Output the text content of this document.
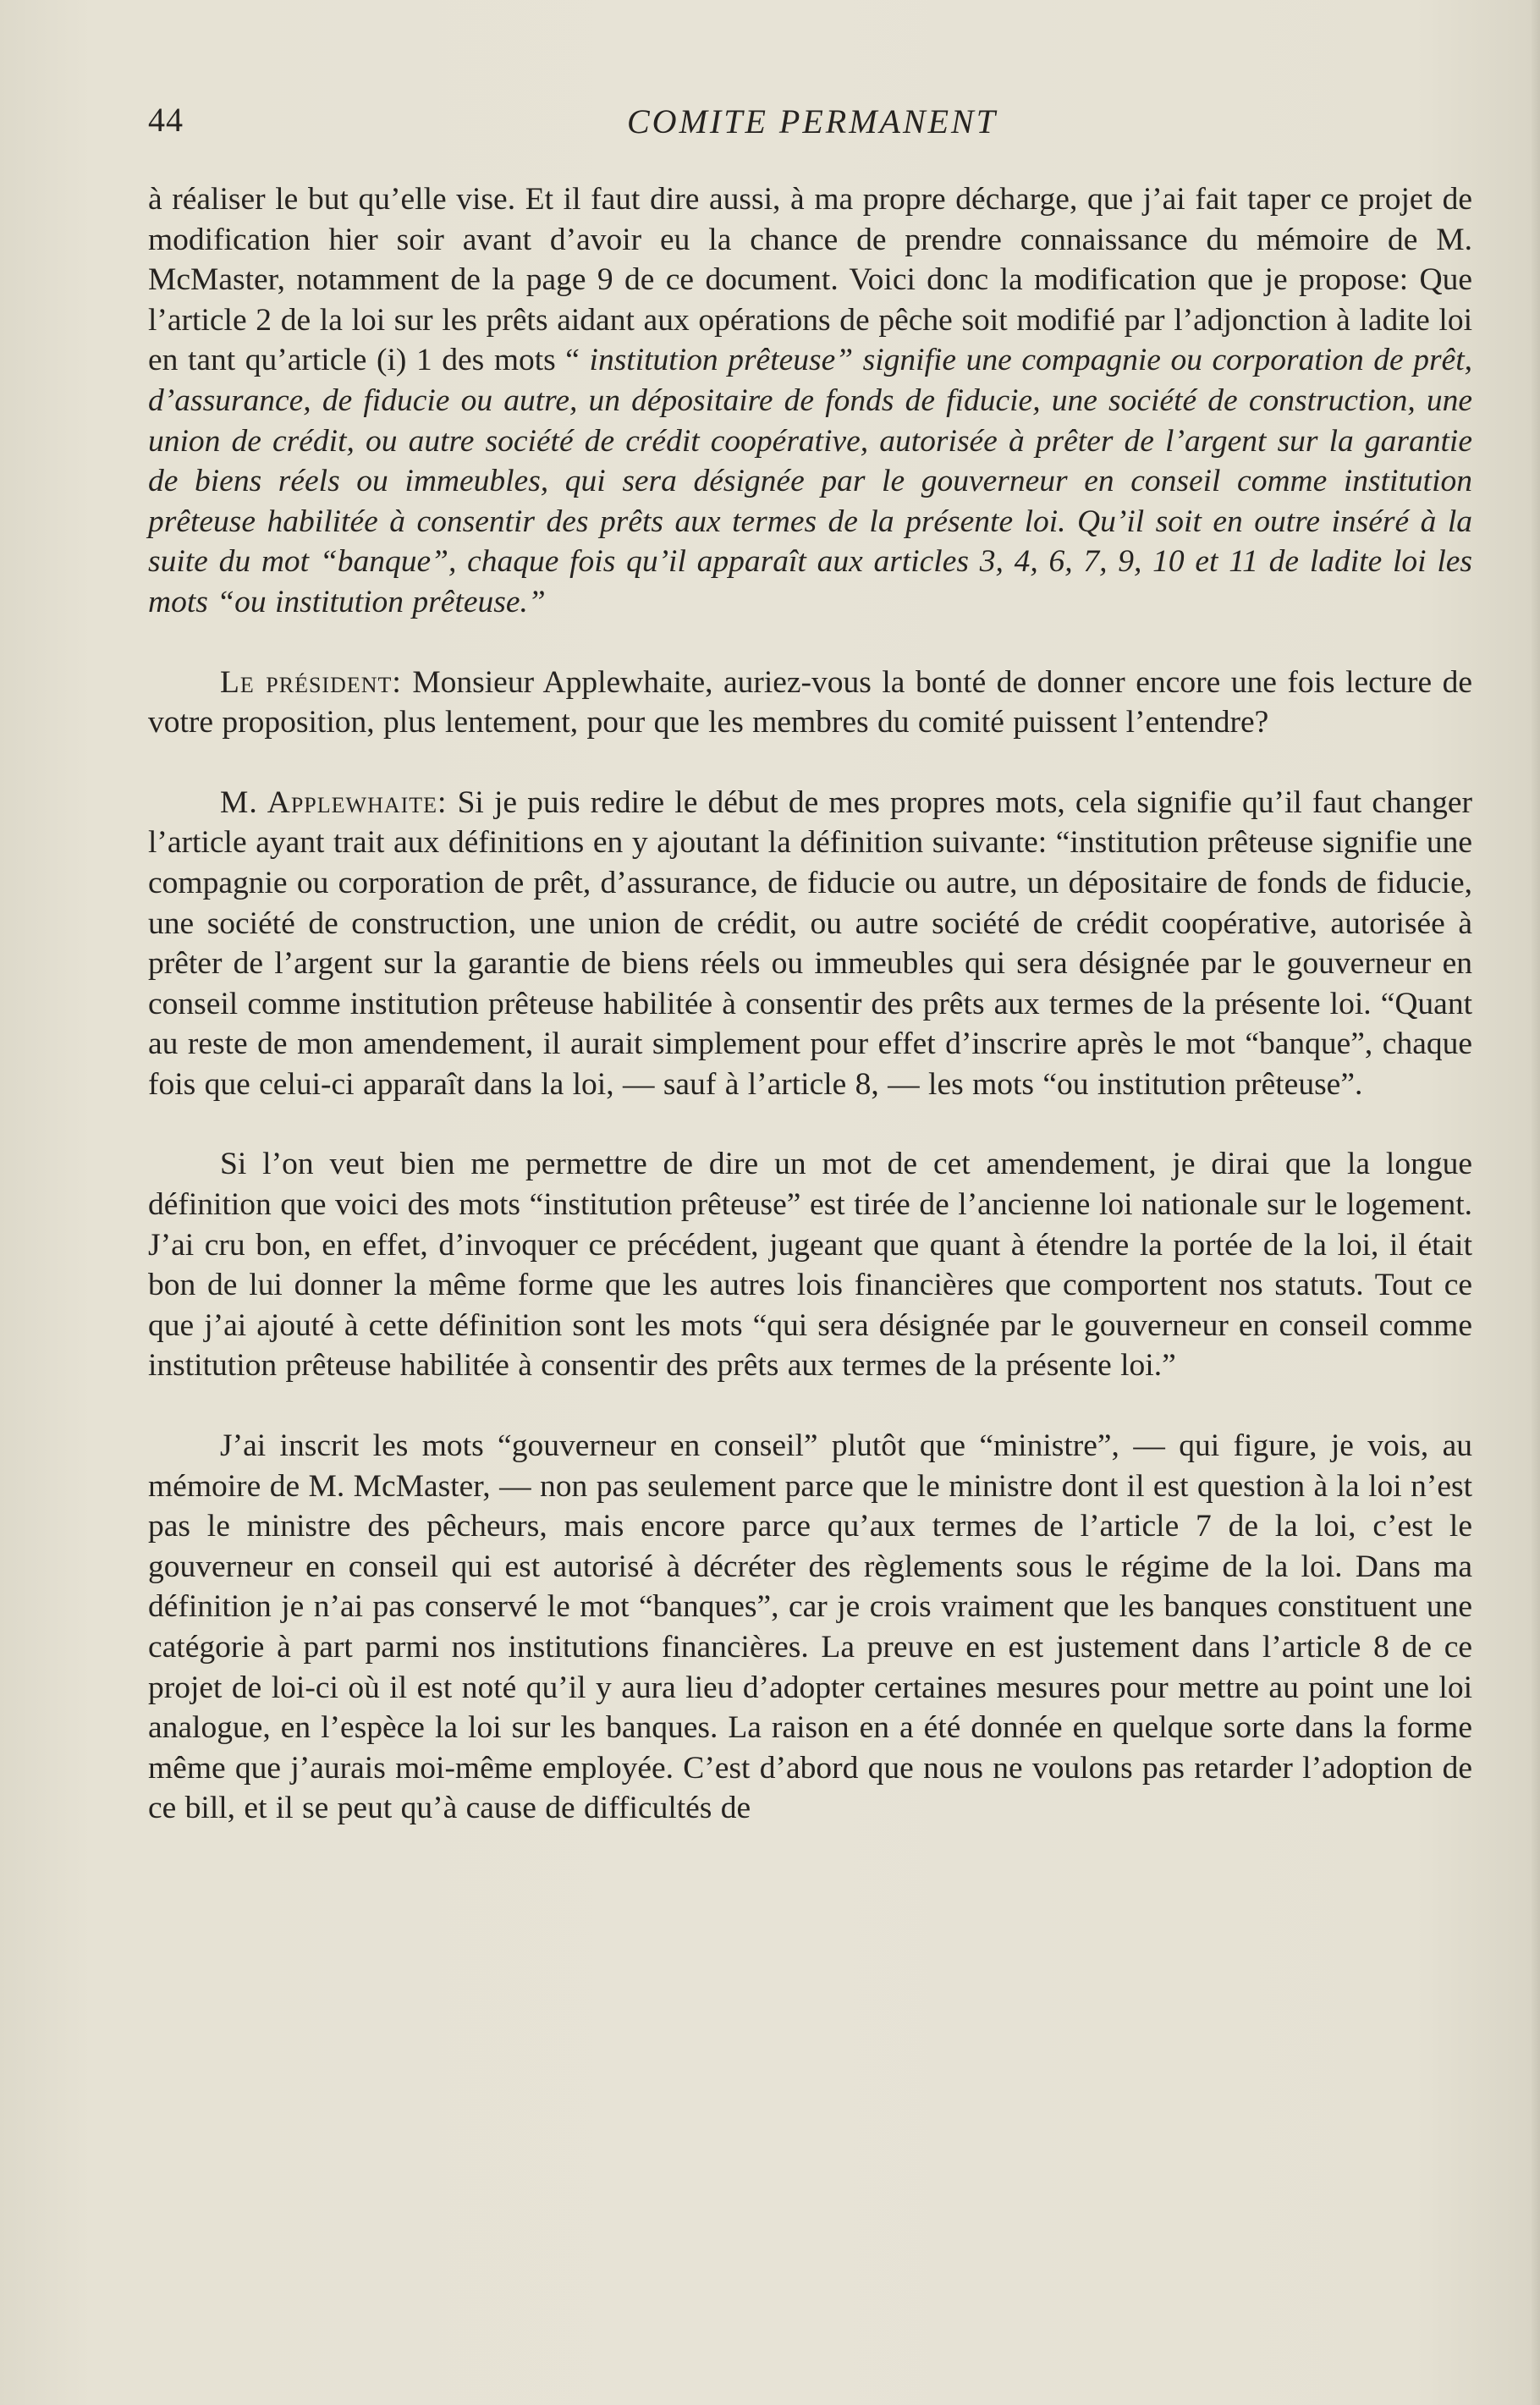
44	COMITE PERMANENT

à réaliser le but qu’elle vise. Et il faut dire aussi, à ma propre décharge, que j’ai fait taper ce projet de modification hier soir avant d’avoir eu la chance de prendre connaissance du mémoire de M. McMaster, notamment de la page 9 de ce document. Voici donc la modification que je propose: Que l’article 2 de la loi sur les prêts aidant aux opérations de pêche soit modifié par l’adjonction à ladite loi en tant qu’article (i) 1 des mots “ institution prêteuse” signifie une compagnie ou corporation de prêt, d’assurance, de fiducie ou autre, un dépositaire de fonds de fiducie, une société de construction, une union de crédit, ou autre société de crédit coopérative, autorisée à prêter de l’argent sur la garantie de biens réels ou immeubles, qui sera désignée par le gouverneur en conseil comme institution prêteuse habilitée à consentir des prêts aux termes de la présente loi. Qu’il soit en outre inséré à la suite du mot “banque”, chaque fois qu’il apparaît aux articles 3, 4, 6, 7, 9, 10 et 11 de ladite loi les mots “ou institution prêteuse.”

Le président: Monsieur Applewhaite, auriez-vous la bonté de donner encore une fois lecture de votre proposition, plus lentement, pour que les membres du comité puissent l’entendre?

M. Applewhaite: Si je puis redire le début de mes propres mots, cela signifie qu’il faut changer l’article ayant trait aux définitions en y ajoutant la définition suivante: “institution prêteuse signifie une compagnie ou corporation de prêt, d’assurance, de fiducie ou autre, un dépositaire de fonds de fiducie, une société de construction, une union de crédit, ou autre société de crédit coopérative, autorisée à prêter de l’argent sur la garantie de biens réels ou immeubles qui sera désignée par le gouverneur en conseil comme institution prêteuse habilitée à consentir des prêts aux termes de la présente loi. “Quant au reste de mon amendement, il aurait simplement pour effet d’inscrire après le mot “banque”, chaque fois que celui-ci apparaît dans la loi, — sauf à l’article 8, — les mots “ou institution prêteuse”.

Si l’on veut bien me permettre de dire un mot de cet amendement, je dirai que la longue définition que voici des mots “institution prêteuse” est tirée de l’ancienne loi nationale sur le logement. J’ai cru bon, en effet, d’invoquer ce précédent, jugeant que quant à étendre la portée de la loi, il était bon de lui donner la même forme que les autres lois financières que comportent nos statuts. Tout ce que j’ai ajouté à cette définition sont les mots “qui sera désignée par le gouverneur en conseil comme institution prêteuse habilitée à consentir des prêts aux termes de la présente loi.”

J’ai inscrit les mots “gouverneur en conseil” plutôt que “ministre”, — qui figure, je vois, au mémoire de M. McMaster, — non pas seulement parce que le ministre dont il est question à la loi n’est pas le ministre des pêcheurs, mais encore parce qu’aux termes de l’article 7 de la loi, c’est le gouverneur en conseil qui est autorisé à décréter des règlements sous le régime de la loi. Dans ma définition je n’ai pas conservé le mot “banques”, car je crois vraiment que les banques constituent une catégorie à part parmi nos institutions financières. La preuve en est justement dans l’article 8 de ce projet de loi-ci où il est noté qu’il y aura lieu d’adopter certaines mesures pour mettre au point une loi analogue, en l’espèce la loi sur les banques. La raison en a été donnée en quelque sorte dans la forme même que j’aurais moi-même employée. C’est d’abord que nous ne voulons pas retarder l’adoption de ce bill, et il se peut qu’à cause de difficultés de
